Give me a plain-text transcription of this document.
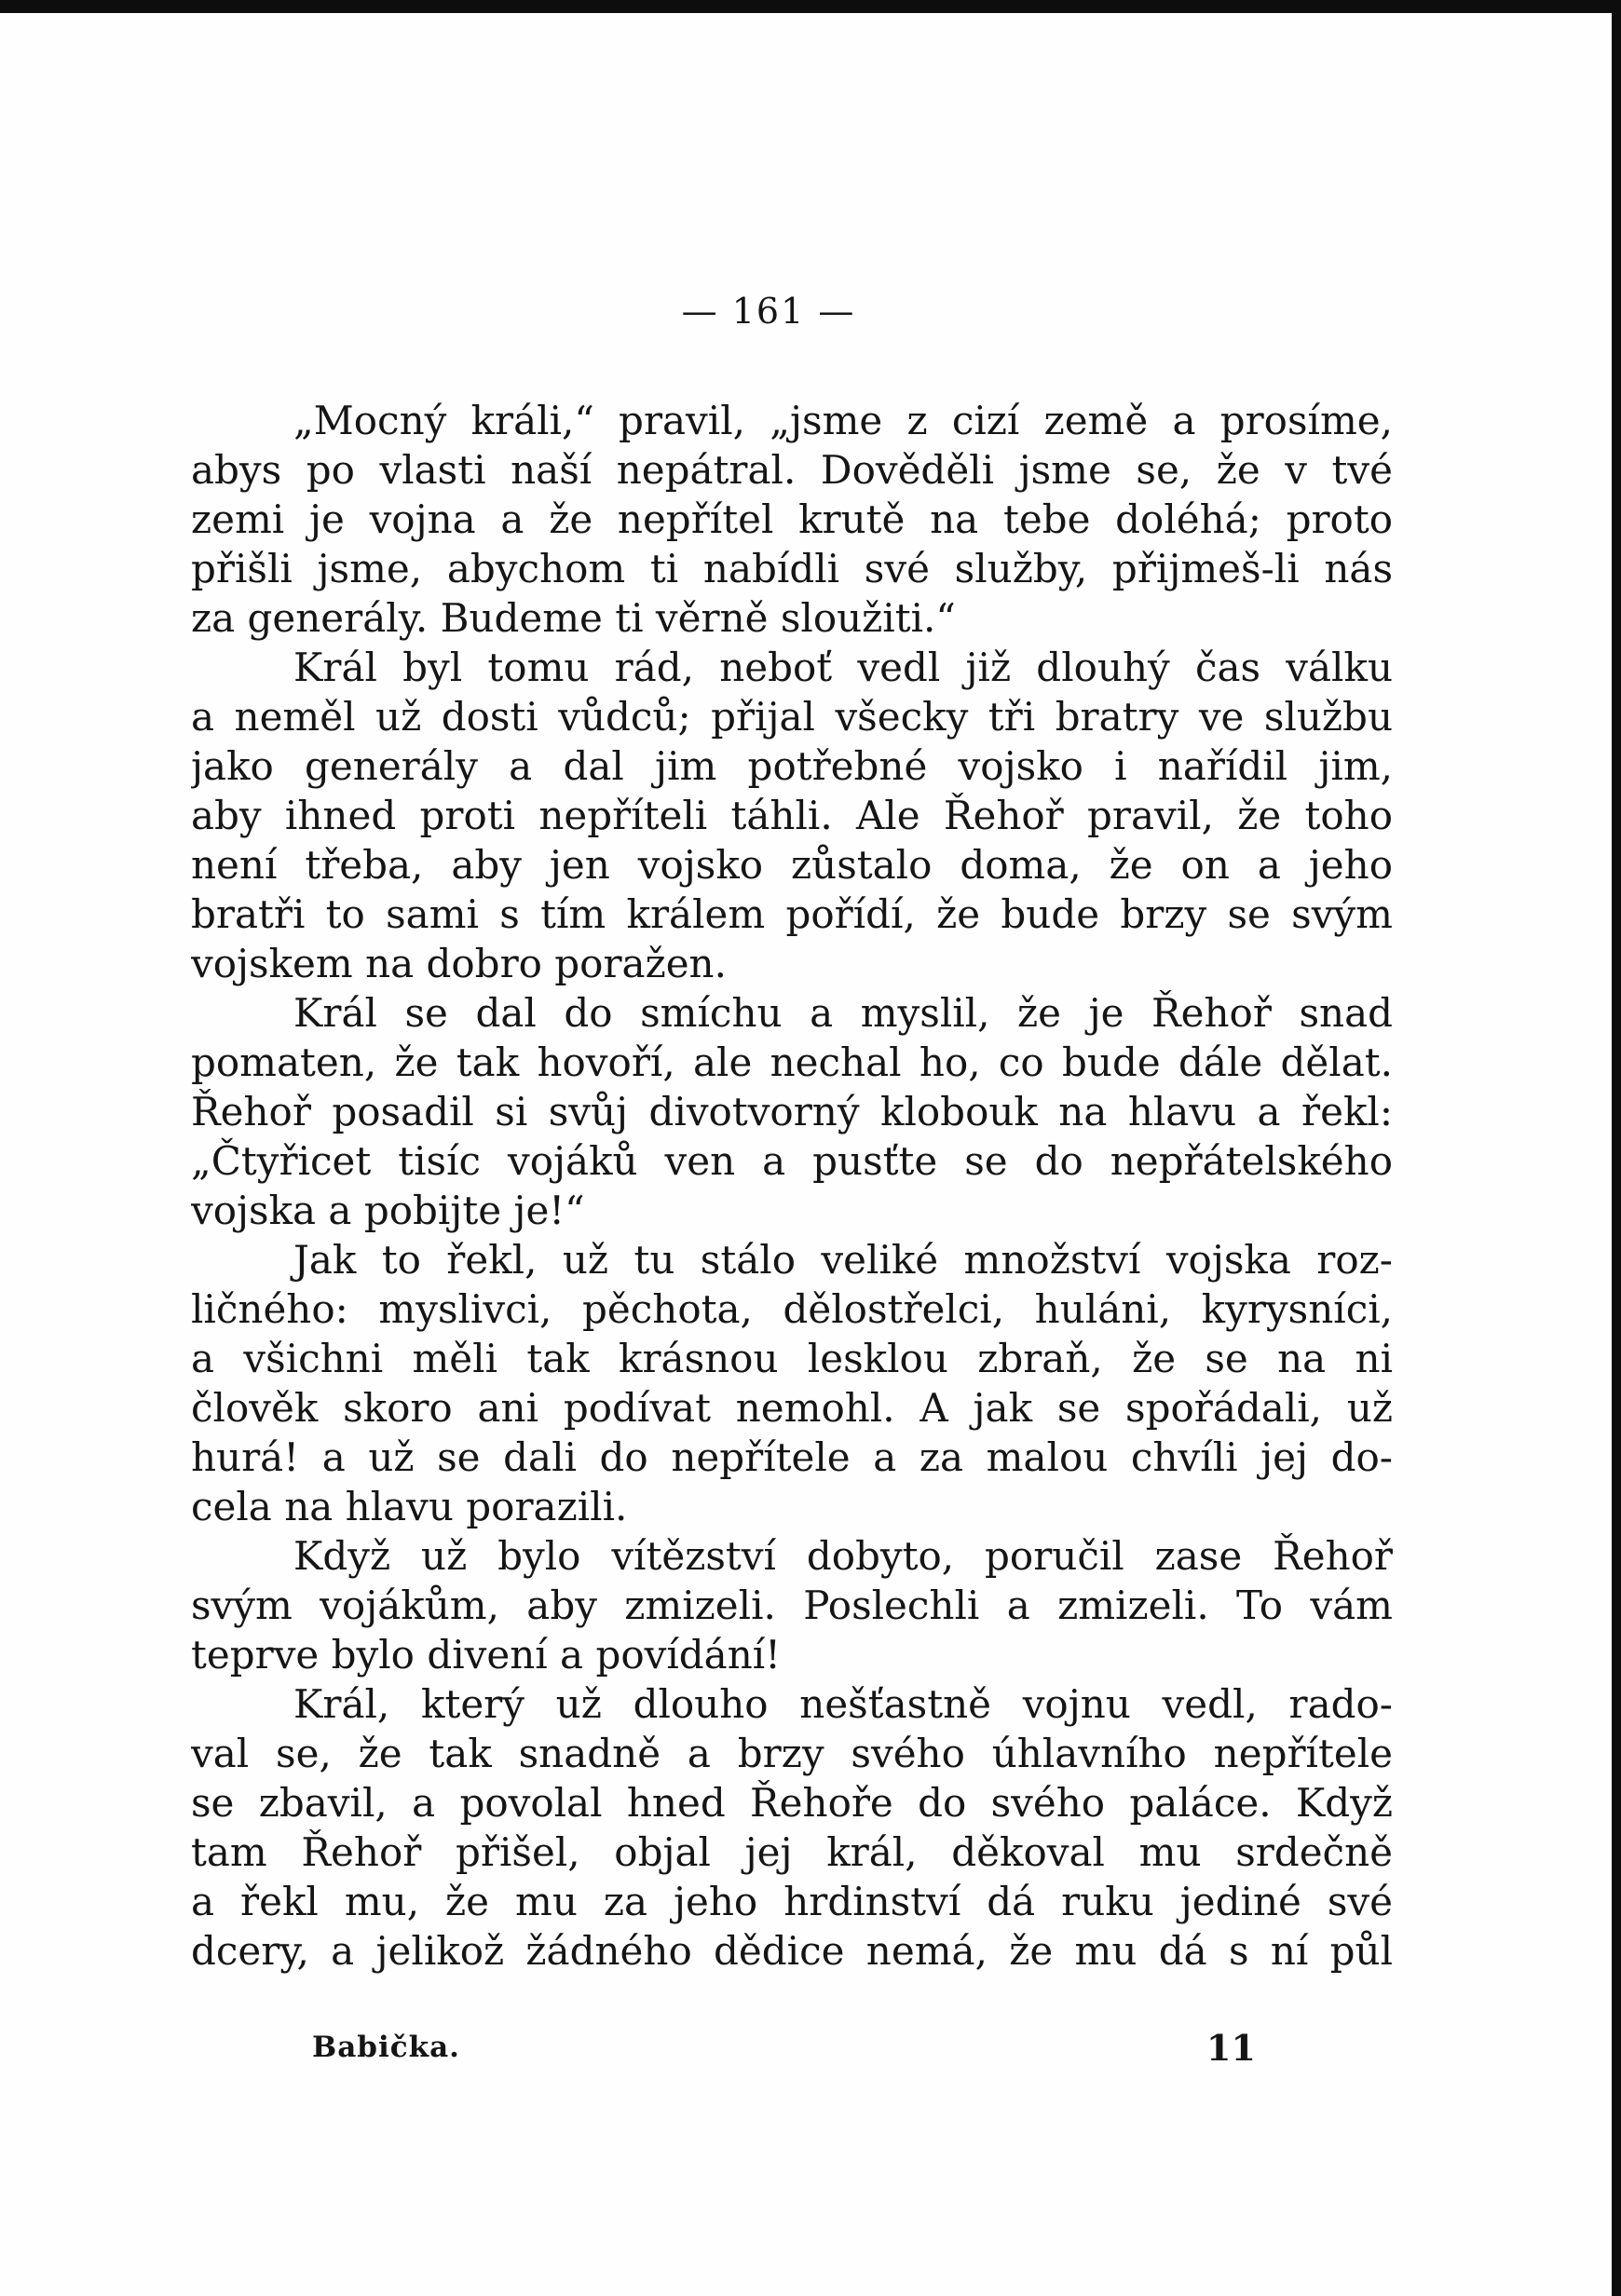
— 161 —
„Mocný králi,“ pravil, „jsme z cizí země a prosíme,
abys po vlasti naší nepátral. Dověděli jsme se, že v tvé
zemi je vojna a že nepřítel krutě na tebe doléhá; proto
přišli jsme, abychom ti nabídli své služby, přijmeš-li nás
za generály. Budeme ti věrně sloužiti.“
Král byl tomu rád, neboť vedl již dlouhý čas válku
a neměl už dosti vůdců; přijal všecky tři bratry ve službu
jako generály a dal jim potřebné vojsko i nařídil jim,
aby ihned proti nepříteli táhli. Ale Řehoř pravil, že toho
není třeba, aby jen vojsko zůstalo doma, že on a jeho
bratři to sami s tím králem pořídí, že bude brzy se svým
vojskem na dobro poražen.
Král se dal do smíchu a myslil, že je Řehoř snad
pomaten, že tak hovoří, ale nechal ho, co bude dále dělat.
Řehoř posadil si svůj divotvorný klobouk na hlavu a řekl:
„Čtyřicet tisíc vojáků ven a pusťte se do nepřátelského
vojska a pobijte je!“
Jak to řekl, už tu stálo veliké množství vojska roz-
ličného: myslivci, pěchota, dělostřelci, huláni, kyrysníci,
a všichni měli tak krásnou lesklou zbraň, že se na ni
člověk skoro ani podívat nemohl. A jak se spořádali, už
hurá! a už se dali do nepřítele a za malou chvíli jej do-
cela na hlavu porazili.
Když už bylo vítězství dobyto, poručil zase Řehoř
svým vojákům, aby zmizeli. Poslechli a zmizeli. To vám
teprve bylo divení a povídání!
Král, který už dlouho nešťastně vojnu vedl, rado-
val se, že tak snadně a brzy svého úhlavního nepřítele
se zbavil, a povolal hned Řehoře do svého paláce. Když
tam Řehoř přišel, objal jej král, děkoval mu srdečně
a řekl mu, že mu za jeho hrdinství dá ruku jediné své
dcery, a jelikož žádného dědice nemá, že mu dá s ní půl
Babička.	11
